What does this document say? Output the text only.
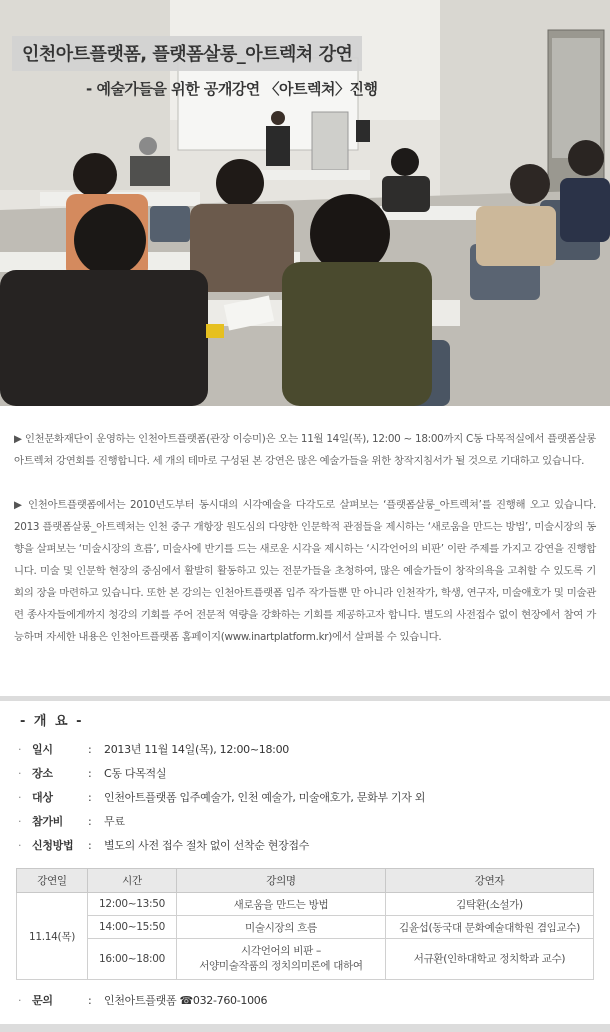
인천아트플랫폼, 플랫폼살롱_아트렉쳐 강연
- 예술가들을 위한 공개강연 〈아트렉쳐〉진행

▶ 인천문화재단이 운영하는 인천아트플랫폼(관장 이승미)은 오는 11월 14일(목), 12:00 ~ 18:00까지 C동 다목적실에서 플랫폼살롱 아트렉쳐 강연회를 진행합니다. 세 개의 테마로 구성된 본 강연은 많은 예술가들을 위한 창작지침서가 될 것으로 기대하고 있습니다.

▶ 인천아트플랫폼에서는 2010년도부터 동시대의 시각예술을 다각도로 살펴보는 ‘플랫폼살롱_아트렉쳐’를 진행해 오고 있습니다. 2013 플랫폼살롱_아트렉쳐는 인천 중구 개항장 원도심의 다양한 인문학적 관점들을 제시하는 ‘새로움을 만드는 방법’, 미술시장의 동향을 살펴보는 ‘미술시장의 흐름’, 미술사에 반기를 드는 새로운 시각을 제시하는 ‘시각언어의 비판’ 이란 주제를 가지고 강연을 진행합니다. 미술 및 인문학 현장의 중심에서 활발히 활동하고 있는 전문가들을 초청하여, 많은 예술가들이 창작의욕을 고취할 수 있도록 기회의 장을 마련하고 있습니다. 또한 본 강의는 인천아트플랫폼 입주 작가들뿐 만 아니라 인천작가, 학생, 연구자, 미술애호가 및 미술관련 종사자들에게까지 청강의 기회를 주어 전문적 역량을 강화하는 기회를 제공하고자 합니다. 별도의 사전접수 없이 현장에서 참여 가능하며 자세한 내용은 인천아트플랫폼 홈페이지(www.inartplatform.kr)에서 살펴볼 수 있습니다.

- 개 요 -
· 일시	:	2013년 11월 14일(목), 12:00~18:00
· 장소	:	C동 다목적실
· 대상	:	인천아트플랫폼 입주예술가, 인천 예술가, 미술애호가, 문화부 기자 외
· 참가비	:	무료
· 신청방법	:	별도의 사전 접수 절차 없이 선착순 현장접수
강연일	시간	강의명	강연자
11.14(목)	12:00~13:50	새로움을 만드는 방법	김탁환(소설가)
	14:00~15:50	미술시장의 흐름	김윤섭(동국대 문화예술대학원 겸임교수)
	16:00~18:00	시각언어의 비판 –
서양미술작품의 정치의미론에 대하여	서규환(인하대학교 정치학과 교수)
· 문의	:	인천아트플랫폼 ☎032-760-1006
